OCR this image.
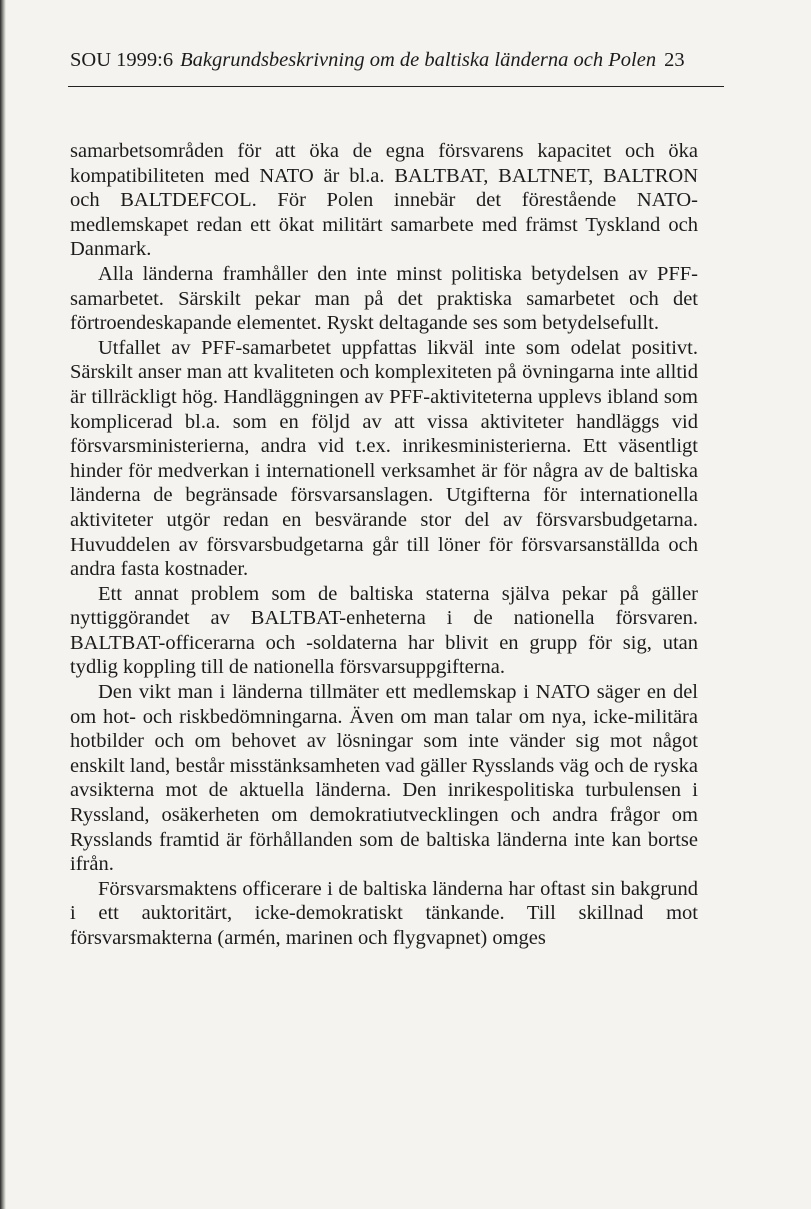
SOU 1999:6 Bakgrundsbeskrivning om de baltiska länderna och Polen 23

samarbetsområden för att öka de egna försvarens kapacitet och öka kompatibiliteten med NATO är bl.a. BALTBAT, BALTNET, BALTRON och BALTDEFCOL. För Polen innebär det förestående NATO-medlemskapet redan ett ökat militärt samarbete med främst Tyskland och Danmark.

Alla länderna framhåller den inte minst politiska betydelsen av PFF-samarbetet. Särskilt pekar man på det praktiska samarbetet och det förtroendeskapande elementet. Ryskt deltagande ses som betydelsefullt.

Utfallet av PFF-samarbetet uppfattas likväl inte som odelat positivt. Särskilt anser man att kvaliteten och komplexiteten på övningarna inte alltid är tillräckligt hög. Handläggningen av PFF-aktiviteterna upplevs ibland som komplicerad bl.a. som en följd av att vissa aktiviteter handläggs vid försvarsministerierna, andra vid t.ex. inrikesministerierna. Ett väsentligt hinder för medverkan i internationell verksamhet är för några av de baltiska länderna de begränsade försvarsanslagen. Utgifterna för internationella aktiviteter utgör redan en besvärande stor del av försvarsbudgetarna. Huvuddelen av försvarsbudgetarna går till löner för försvarsanställda och andra fasta kostnader.

Ett annat problem som de baltiska staterna själva pekar på gäller nyttiggörandet av BALTBAT-enheterna i de nationella försvaren. BALTBAT-officerarna och -soldaterna har blivit en grupp för sig, utan tydlig koppling till de nationella försvarsuppgifterna.

Den vikt man i länderna tillmäter ett medlemskap i NATO säger en del om hot- och riskbedömningarna. Även om man talar om nya, icke-militära hotbilder och om behovet av lösningar som inte vänder sig mot något enskilt land, består misstänksamheten vad gäller Rysslands väg och de ryska avsikterna mot de aktuella länderna. Den inrikespolitiska turbulensen i Ryssland, osäkerheten om demokratiutvecklingen och andra frågor om Rysslands framtid är förhållanden som de baltiska länderna inte kan bortse ifrån.

Försvarsmaktens officerare i de baltiska länderna har oftast sin bakgrund i ett auktoritärt, icke-demokratiskt tänkande. Till skillnad mot försvarsmakterna (armén, marinen och flygvapnet) omges
